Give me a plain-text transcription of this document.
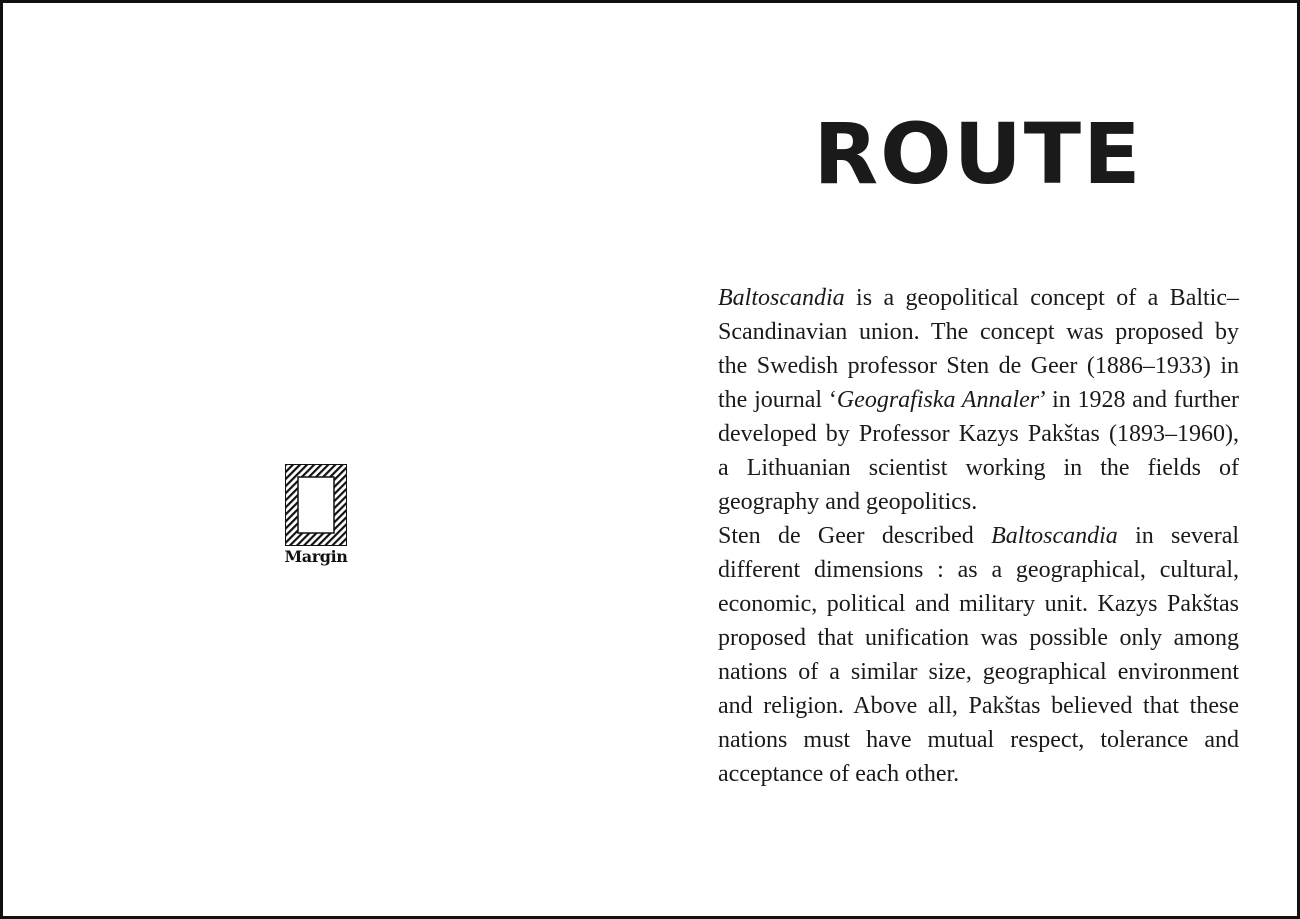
Margin
ROUTE

Baltoscandia is a geopolitical concept of a Baltic–Scandinavian union. The concept was proposed by the Swedish professor Sten de Geer (1886–1933) in the journal ‘Geografiska Annaler’ in 1928 and further developed by Professor Kazys Pakštas (1893–1960), a Lithuanian scientist working in the fields of geography and geopolitics.

Sten de Geer described Baltoscandia in several different dimensions : as a geographical, cultural, economic, political and military unit. Kazys Pakštas proposed that unification was possible only among nations of a similar size, geographical environment and religion. Above all, Pakštas believed that these nations must have mutual respect, tolerance and acceptance of each other.
